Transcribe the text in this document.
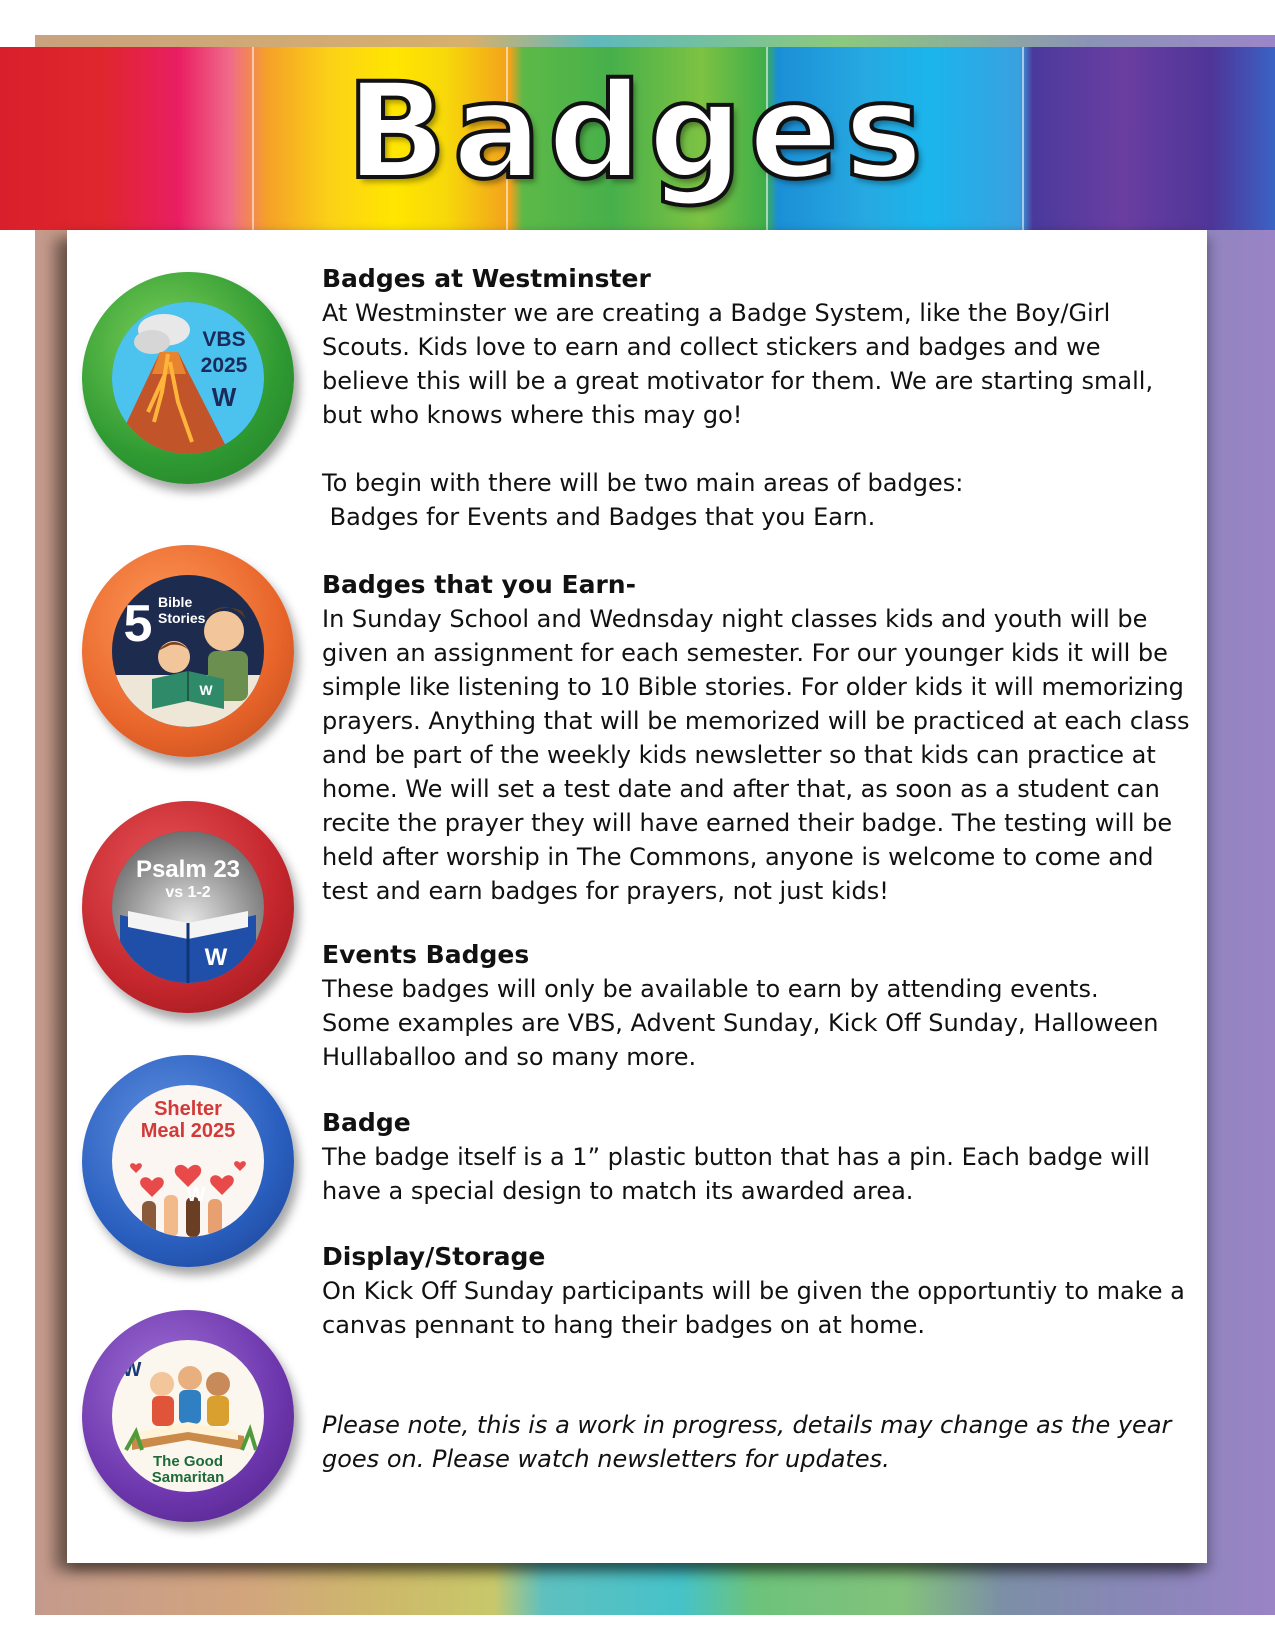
Badges
VBS
2025
W
5 Bible
Stories
W
Psalm 23
vs 1-2
W
Shelter
Meal 2025
W
W
The Good
Samaritan
Badges at Westminster

At Westminster we are creating a Badge System, like the Boy/Girl

Scouts. Kids love to earn and collect stickers and badges and we

believe this will be a great motivator for them. We are starting small,

but who knows where this may go!

To begin with there will be two main areas of badges:

Badges for Events and Badges that you Earn.

Badges that you Earn-

In Sunday School and Wednsday night classes kids and youth will be

given an assignment for each semester. For our younger kids it will be

simple like listening to 10 Bible stories. For older kids it will memorizing

prayers. Anything that will be memorized will be practiced at each class

and be part of the weekly kids newsletter so that kids can practice at

home. We will set a test date and after that, as soon as a student can

recite the prayer they will have earned their badge. The testing will be

held after worship in The Commons, anyone is welcome to come and

test and earn badges for prayers, not just kids!

Events Badges

These badges will only be available to earn by attending events.

Some examples are VBS, Advent Sunday, Kick Off Sunday, Halloween

Hullaballoo and so many more.

Badge

The badge itself is a 1” plastic button that has a pin. Each badge will

have a special design to match its awarded area.

Display/Storage

On Kick Off Sunday participants will be given the opportuntiy to make a

canvas pennant to hang their badges on at home.

Please note, this is a work in progress, details may change as the year

goes on. Please watch newsletters for updates.
